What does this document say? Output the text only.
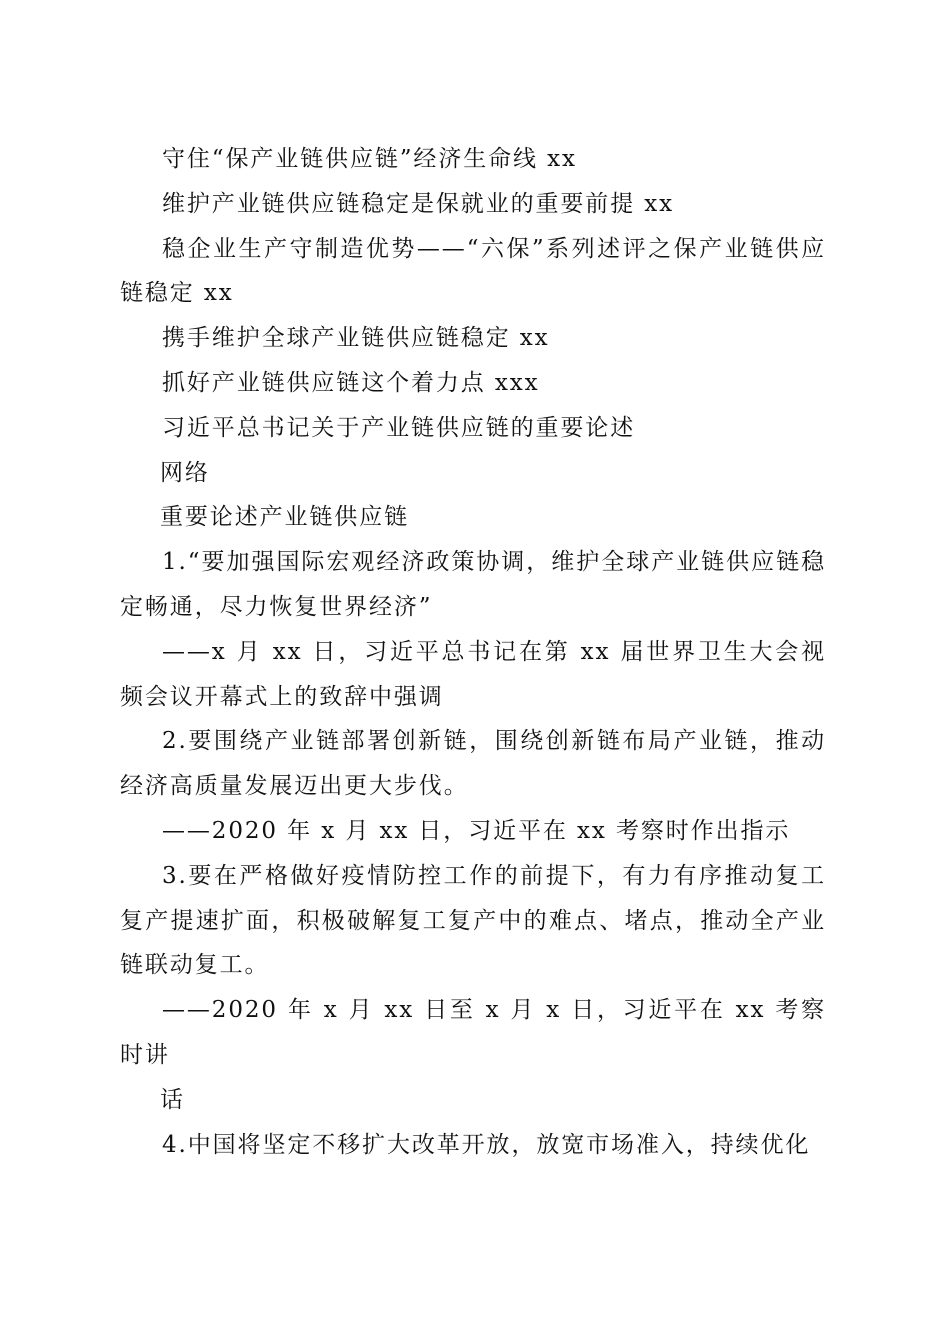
守住“保产业链供应链”经济生命线 xx

维护产业链供应链稳定是保就业的重要前提 xx

稳企业生产守制造优势——“六保”系列述评之保产业链供应链稳定 xx

携手维护全球产业链供应链稳定 xx

抓好产业链供应链这个着力点 xxx

习近平总书记关于产业链供应链的重要论述

网络

重要论述产业链供应链

1.“要加强国际宏观经济政策协调，维护全球产业链供应链稳定畅通，尽力恢复世界经济”

——x 月 xx 日，习近平总书记在第 xx 届世界卫生大会视频会议开幕式上的致辞中强调

2.要围绕产业链部署创新链，围绕创新链布局产业链，推动经济高质量发展迈出更大步伐。

——2020 年 x 月 xx 日，习近平在 xx 考察时作出指示

3.要在严格做好疫情防控工作的前提下，有力有序推动复工复产提速扩面，积极破解复工复产中的难点、堵点，推动全产业链联动复工。

——2020 年 x 月 xx 日至 x 月 x 日，习近平在 xx 考察时讲

话

4.中国将坚定不移扩大改革开放，放宽市场准入，持续优化
